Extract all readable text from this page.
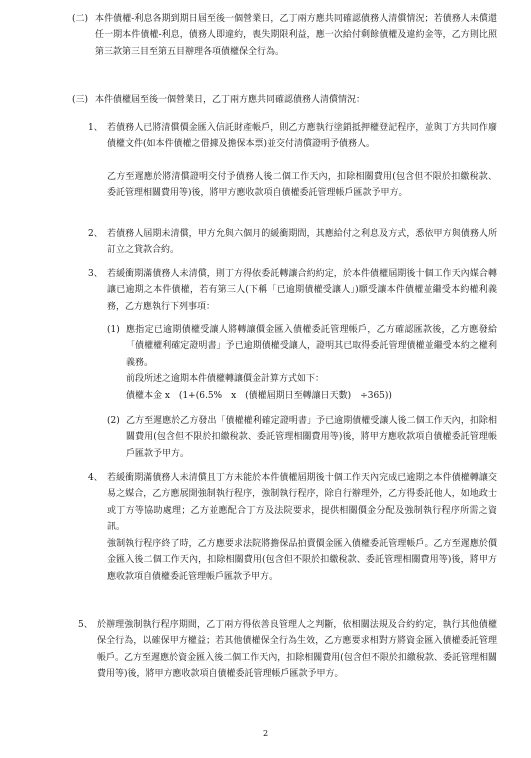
(二) 本件債權-利息各期到期日屆至後一個營業日，乙丁兩方應共同確認債務人清償情況；若債務人未償還任一期本件債權-利息，債務人即違約，喪失期限利益，應一次給付剩餘債權及違約金等，乙方則比照第三款第三目至第五目辦理各項債權保全行為。
(三) 本件債權屆至後一個營業日，乙丁兩方應共同確認債務人清償情況：
1、 若債務人已將清償價金匯入信託財產帳戶，則乙方應執行塗銷抵押權登記程序，並與丁方共同作廢債權文件(如本件債權之借據及擔保本票)並交付清償證明予債務人。
乙方至遲應於將清償證明交付予債務人後二個工作天內，扣除相關費用(包含但不限於扣繳稅款、委託管理相關費用等)後，將甲方應收款項自債權委託管理帳戶匯款予甲方。
2、 若債務人屆期未清償，甲方允與六個月的緩衝期間，其應給付之利息及方式，悉依甲方與債務人所訂立之貸款合約。
3、 若緩衝期滿債務人未清償，則丁方得依委託轉讓合約約定，於本件債權屆期後十個工作天內媒合轉讓已逾期之本件債權，若有第三人(下稱「已逾期債權受讓人」)願受讓本件債權並繼受本約權利義務，乙方應執行下列事項：
(1) 應指定已逾期債權受讓人將轉讓價金匯入債權委託管理帳戶，乙方確認匯款後，乙方應發給「債權權利確定證明書」予已逾期債權受讓人，證明其已取得委託管理債權並繼受本約之權利義務。
前段所述之逾期本件債權轉讓價金計算方式如下：
債權本金 x　(1+(6.5%　x　(債權屆期日至轉讓日天數)　÷365))
(2) 乙方至遲應於乙方發出「債權權利確定證明書」予已逾期債權受讓人後二個工作天內，扣除相關費用(包含但不限於扣繳稅款、委託管理相關費用等)後，將甲方應收款項自債權委託管理帳戶匯款予甲方。
4、 若緩衝期滿債務人未清償且丁方未能於本件債權屆期後十個工作天內完成已逾期之本件債權轉讓交易之媒合，乙方應展開強制執行程序，強制執行程序，除自行辦理外，乙方得委託他人，如地政士或丁方等協助處理；乙方並應配合丁方及法院要求，提供相關價金分配及強制執行程序所需之資訊。
強制執行程序終了時，乙方應要求法院將擔保品拍賣價金匯入債權委託管理帳戶。乙方至遲應於價金匯入後二個工作天內，扣除相關費用(包含但不限於扣繳稅款、委託管理相關費用等)後，將甲方應收款項自債權委託管理帳戶匯款予甲方。
5、 於辦理強制執行程序期間，乙丁兩方得依善良管理人之判斷，依相關法規及合約約定，執行其他債權保全行為，以確保甲方權益；若其他債權保全行為生效，乙方應要求相對方將資金匯入債權委託管理帳戶。乙方至遲應於資金匯入後二個工作天內，扣除相關費用(包含但不限於扣繳稅款、委託管理相關費用等)後，將甲方應收款項自債權委託管理帳戶匯款予甲方。
2
